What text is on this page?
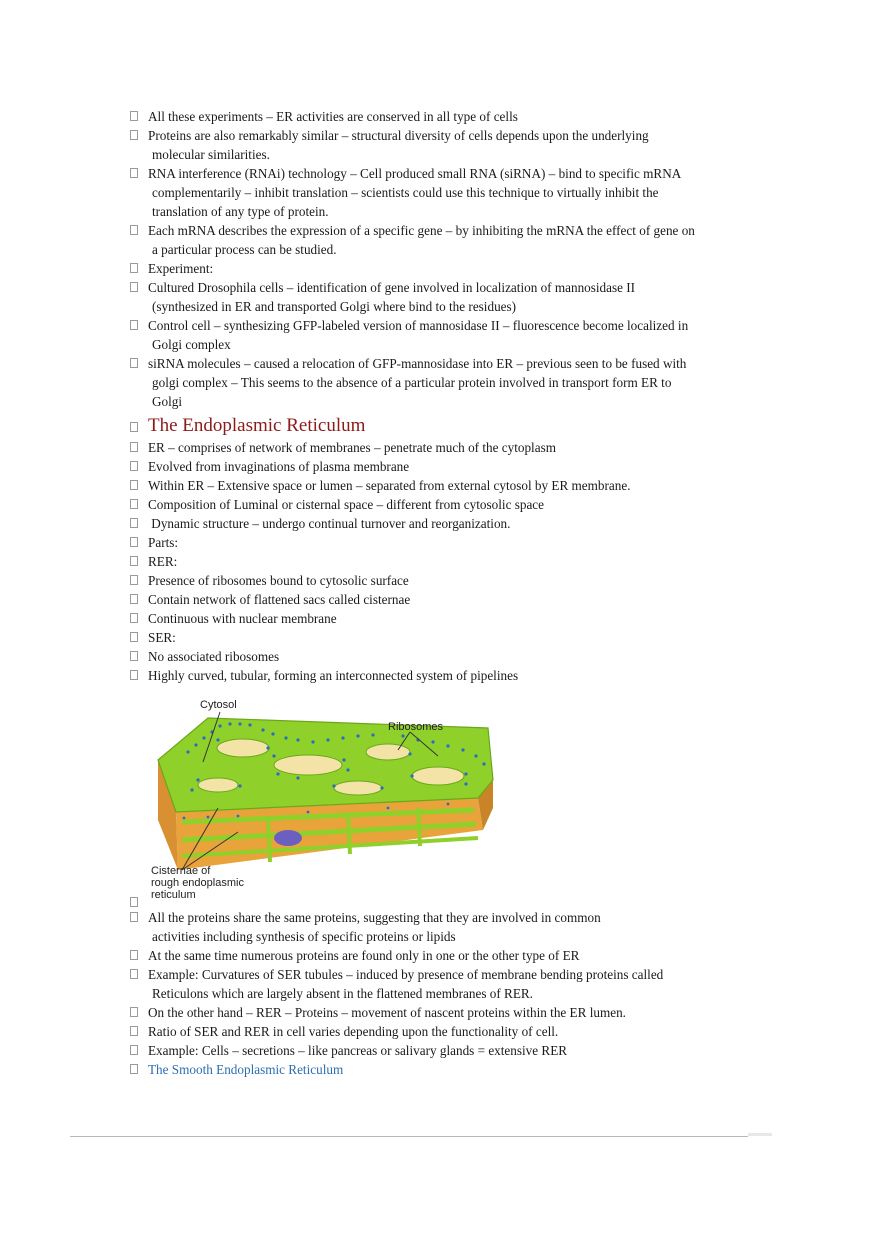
All these experiments – ER activities are conserved in all type of cells
Proteins are also remarkably similar – structural diversity of cells depends upon the underlying
molecular similarities.
RNA interference (RNAi) technology – Cell produced small RNA (siRNA) – bind to specific mRNA
complementarily – inhibit translation – scientists could use this technique to virtually inhibit the
translation of any type of protein.
Each mRNA describes the expression of a specific gene – by inhibiting the mRNA the effect of gene on
a particular process can be studied.
Experiment:
Cultured Drosophila cells – identification of gene involved in localization of mannosidase II
(synthesized in ER and transported Golgi where bind to the residues)
Control cell – synthesizing GFP-labeled version of mannosidase II – fluorescence become localized in
Golgi complex
siRNA molecules – caused a relocation of GFP-mannosidase into ER – previous seen to be fused with
golgi complex – This seems to the absence of a particular protein involved in transport form ER to
Golgi
The Endoplasmic Reticulum
ER – comprises of network of membranes – penetrate much of the cytoplasm
Evolved from invaginations of plasma membrane
Within ER – Extensive space or lumen – separated from external cytosol by ER membrane.
Composition of Luminal or cisternal space – different from cytosolic space
Dynamic structure – undergo continual turnover and reorganization.
Parts:
RER:
Presence of ribosomes bound to cytosolic surface
Contain network of flattened sacs called cisternae
Continuous with nuclear membrane
SER:
No associated ribosomes
Highly curved, tubular, forming an interconnected system of pipelines
Cytosol
Ribosomes
Cisternae of
rough endoplasmic
reticulum

All the proteins share the same proteins, suggesting that they are involved in common
activities including synthesis of specific proteins or lipids
At the same time numerous proteins are found only in one or the other type of ER
Example: Curvatures of SER tubules – induced by presence of membrane bending proteins called
Reticulons which are largely absent in the flattened membranes of RER.
On the other hand – RER – Proteins – movement of nascent proteins within the ER lumen.
Ratio of SER and RER in cell varies depending upon the functionality of cell.
Example: Cells – secretions – like pancreas or salivary glands = extensive RER
The Smooth Endoplasmic Reticulum
